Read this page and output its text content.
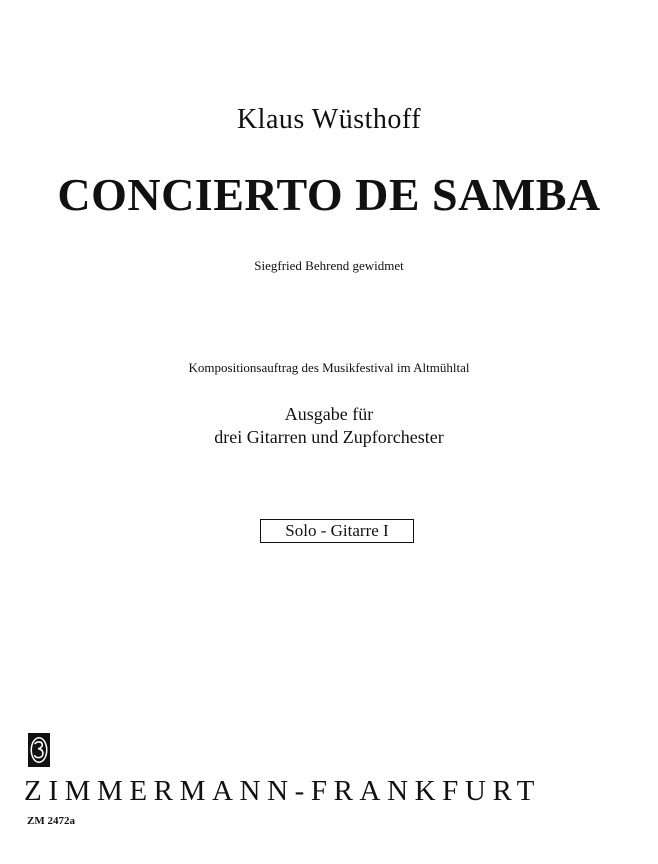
Klaus Wüsthoff
CONCIERTO DE SAMBA
Siegfried Behrend gewidmet
Kompositionsauftrag des Musikfestival im Altmühltal
Ausgabe für
drei Gitarren und Zupforchester
Solo - Gitarre I
ZIMMERMANN-FRANKFURT
ZM 2472a
